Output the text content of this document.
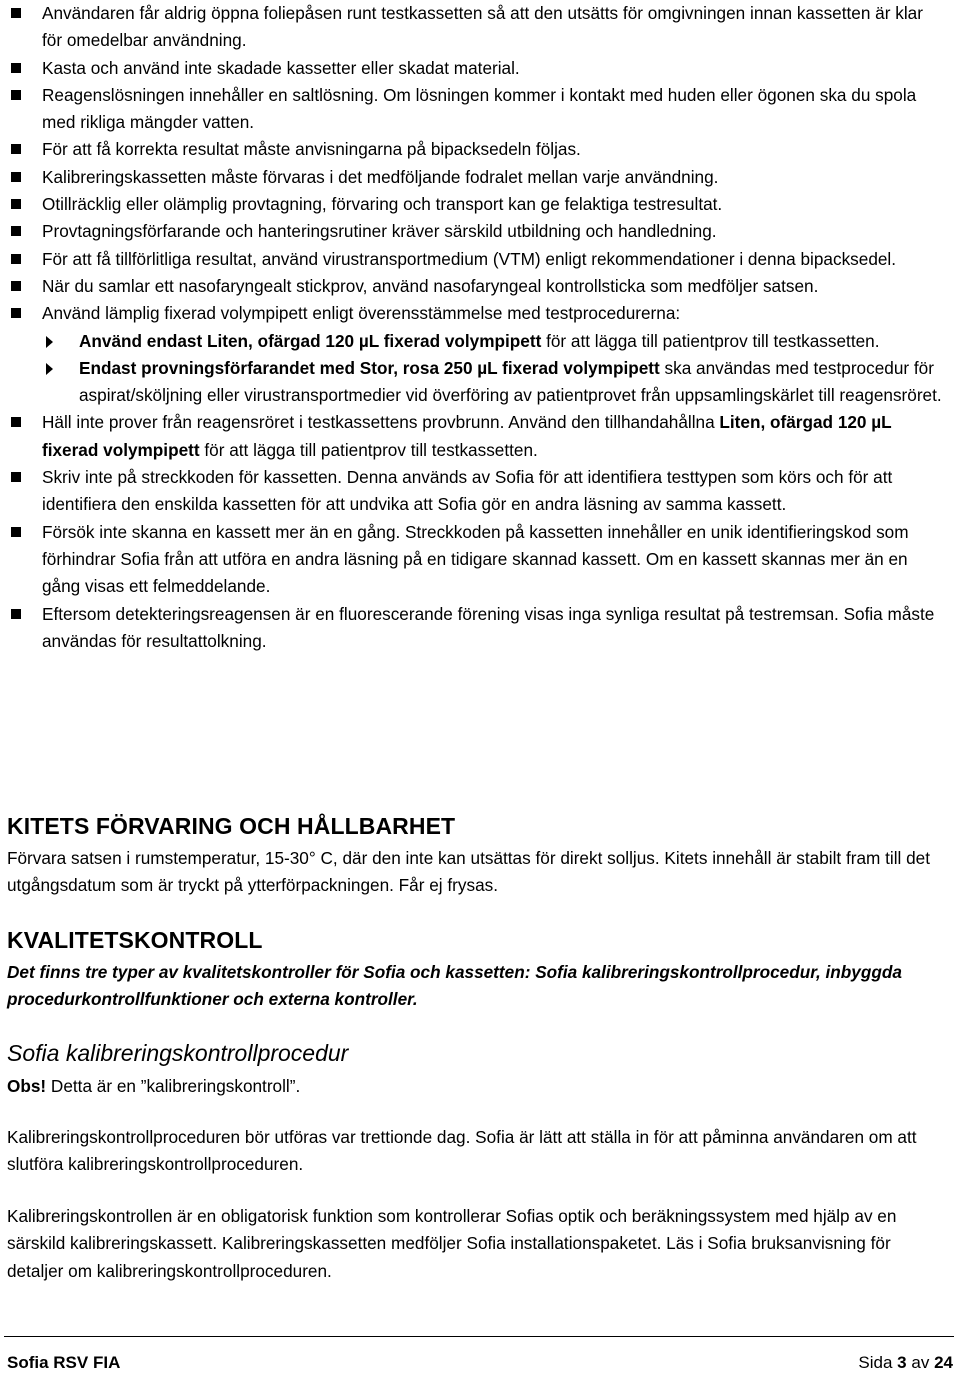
Användaren får aldrig öppna foliepåsen runt testkassetten så att den utsätts för omgivningen innan kassetten är klar för omedelbar användning.
Kasta och använd inte skadade kassetter eller skadat material.
Reagenslösningen innehåller en saltlösning. Om lösningen kommer i kontakt med huden eller ögonen ska du spola med rikliga mängder vatten.
För att få korrekta resultat måste anvisningarna på bipacksedeln följas.
Kalibreringskassetten måste förvaras i det medföljande fodralet mellan varje användning.
Otillräcklig eller olämplig provtagning, förvaring och transport kan ge felaktiga testresultat.
Provtagningsförfarande och hanteringsrutiner kräver särskild utbildning och handledning.
För att få tillförlitliga resultat, använd virustransportmedium (VTM) enligt rekommendationer i denna bipacksedel.
När du samlar ett nasofaryngealt stickprov, använd nasofaryngeal kontrollsticka som medföljer satsen.
Använd lämplig fixerad volympipett enligt överensstämmelse med testprocedurerna:
Använd endast Liten, ofärgad 120 µL fixerad volympipett för att lägga till patientprov till testkassetten.
Endast provningsförfarandet med Stor, rosa 250 µL fixerad volympipett ska användas med testprocedur för aspirat/sköljning eller virustransportmedier vid överföring av patientprovet från uppsamlingskärlet till reagensröret.
Häll inte prover från reagensröret i testkassettens provbrunn. Använd den tillhandahållna Liten, ofärgad 120 µL fixerad volympipett för att lägga till patientprov till testkassetten.
Skriv inte på streckkoden för kassetten. Denna används av Sofia för att identifiera testtypen som körs och för att identifiera den enskilda kassetten för att undvika att Sofia gör en andra läsning av samma kassett.
Försök inte skanna en kassett mer än en gång. Streckkoden på kassetten innehåller en unik identifieringskod som förhindrar Sofia från att utföra en andra läsning på en tidigare skannad kassett. Om en kassett skannas mer än en gång visas ett felmeddelande.
Eftersom detekteringsreagensen är en fluorescerande förening visas inga synliga resultat på testremsan. Sofia måste användas för resultattolkning.
KITETS FÖRVARING OCH HÅLLBARHET

Förvara satsen i rumstemperatur, 15-30° C, där den inte kan utsättas för direkt solljus. Kitets innehåll är stabilt fram till det utgångsdatum som är tryckt på ytterförpackningen. Får ej frysas.

KVALITETSKONTROLL

Det finns tre typer av kvalitetskontroller för Sofia och kassetten: Sofia kalibreringskontrollprocedur, inbyggda procedurkontrollfunktioner och externa kontroller.

Sofia kalibreringskontrollprocedur

Obs! Detta är en ”kalibreringskontroll”.

Kalibreringskontrollproceduren bör utföras var trettionde dag. Sofia är lätt att ställa in för att påminna användaren om att slutföra kalibreringskontrollproceduren.

Kalibreringskontrollen är en obligatorisk funktion som kontrollerar Sofias optik och beräkningssystem med hjälp av en särskild kalibreringskassett. Kalibreringskassetten medföljer Sofia installationspaketet. Läs i Sofia bruksanvisning för detaljer om kalibreringskontrollproceduren.

Sofia RSV FIA	Sida 3 av 24
